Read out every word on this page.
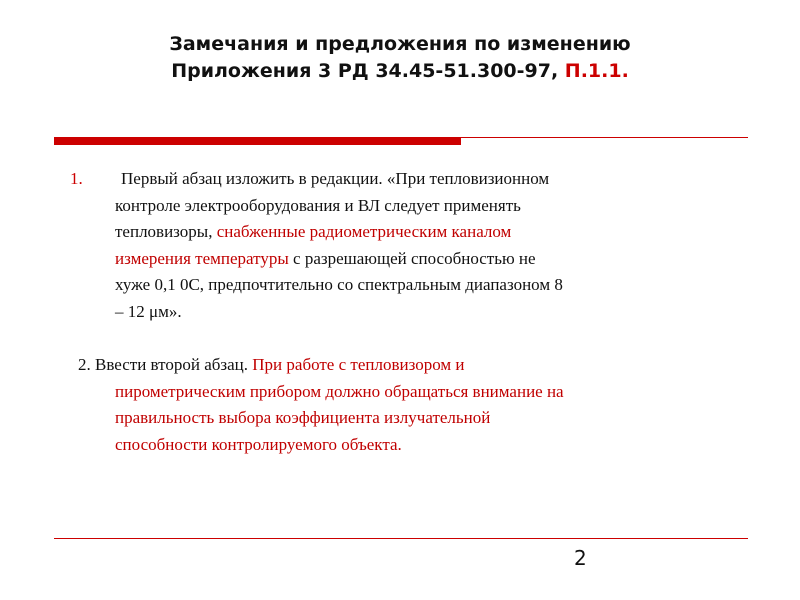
Замечания и предложения по изменению
Приложения 3 РД 34.45-51.300-97, П.1.1.
1.	Первый абзац изложить в редакции. «При тепловизионном
контроле электрооборудования и ВЛ следует применять
тепловизоры, снабженные радиометрическим каналом
измерения температуры с разрешающей способностью не
хуже 0,1 0С, предпочтительно со спектральным диапазоном 8
– 12 μм».
2. Ввести второй абзац. При работе с тепловизором и
пирометрическим прибором должно обращаться внимание на
правильность выбора коэффициента излучательной
способности контролируемого объекта.
2
